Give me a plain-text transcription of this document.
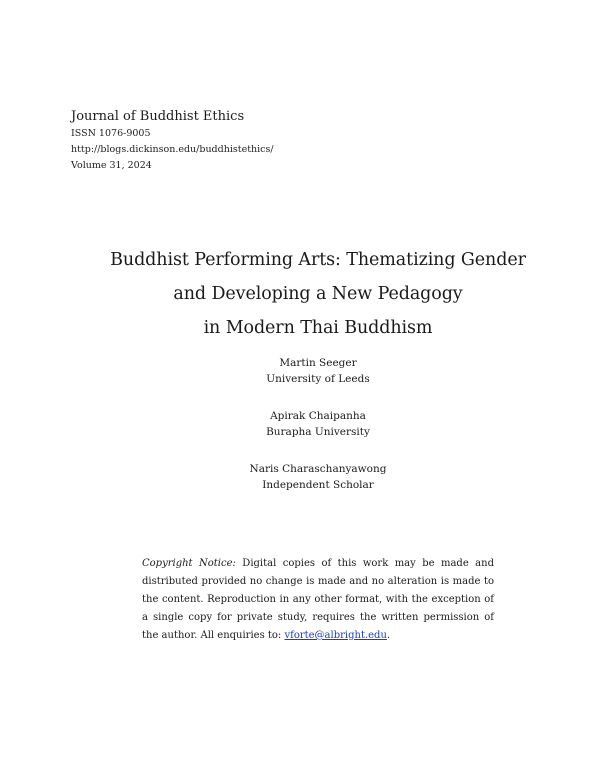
Journal of Buddhist Ethics

ISSN 1076-9005

http://blogs.dickinson.edu/buddhistethics/

Volume 31, 2024

Buddhist Performing Arts: Thematizing Gender

and Developing a New Pedagogy

in Modern Thai Buddhism

Martin Seeger
University of Leeds
Apirak Chaipanha
Burapha University
Naris Charaschanyawong
Independent Scholar

Copyright Notice: Digital copies of this work may be made and distributed provided no change is made and no alteration is made to the content. Reproduction in any other format, with the exception of a single copy for private study, requires the written permission of the author. All enquiries to: vforte@albright.edu.
